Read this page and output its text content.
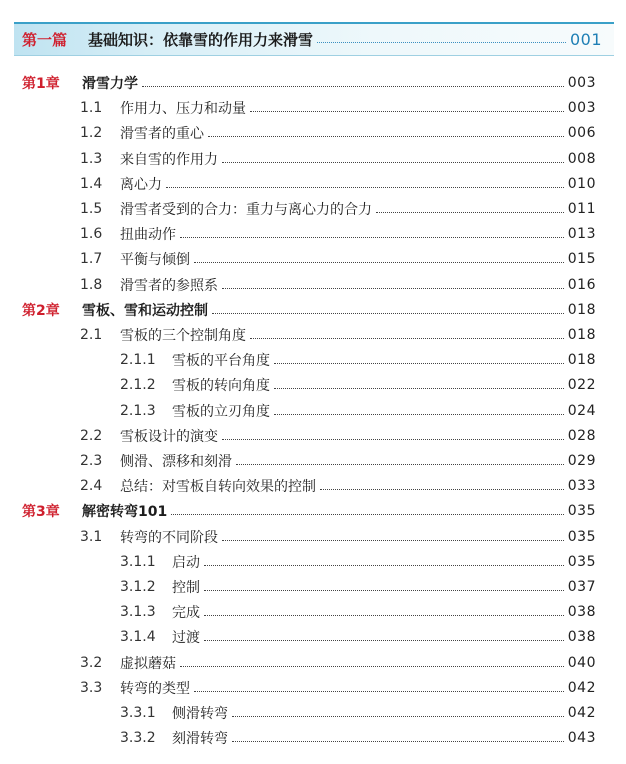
第一篇	基础知识：依靠雪的作用力来滑雪	001
第1章	滑雪力学	003
1.1	作用力、压力和动量	003
1.2	滑雪者的重心	006
1.3	来自雪的作用力	008
1.4	离心力	010
1.5	滑雪者受到的合力：重力与离心力的合力	011
1.6	扭曲动作	013
1.7	平衡与倾倒	015
1.8	滑雪者的参照系	016
第2章	雪板、雪和运动控制	018
2.1	雪板的三个控制角度	018
2.1.1	雪板的平台角度	018
2.1.2	雪板的转向角度	022
2.1.3	雪板的立刃角度	024
2.2	雪板设计的演变	028
2.3	侧滑、漂移和刻滑	029
2.4	总结：对雪板自转向效果的控制	033
第3章	解密转弯101	035
3.1	转弯的不同阶段	035
3.1.1	启动	035
3.1.2	控制	037
3.1.3	完成	038
3.1.4	过渡	038
3.2	虚拟蘑菇	040
3.3	转弯的类型	042
3.3.1	侧滑转弯	042
3.3.2	刻滑转弯	043
